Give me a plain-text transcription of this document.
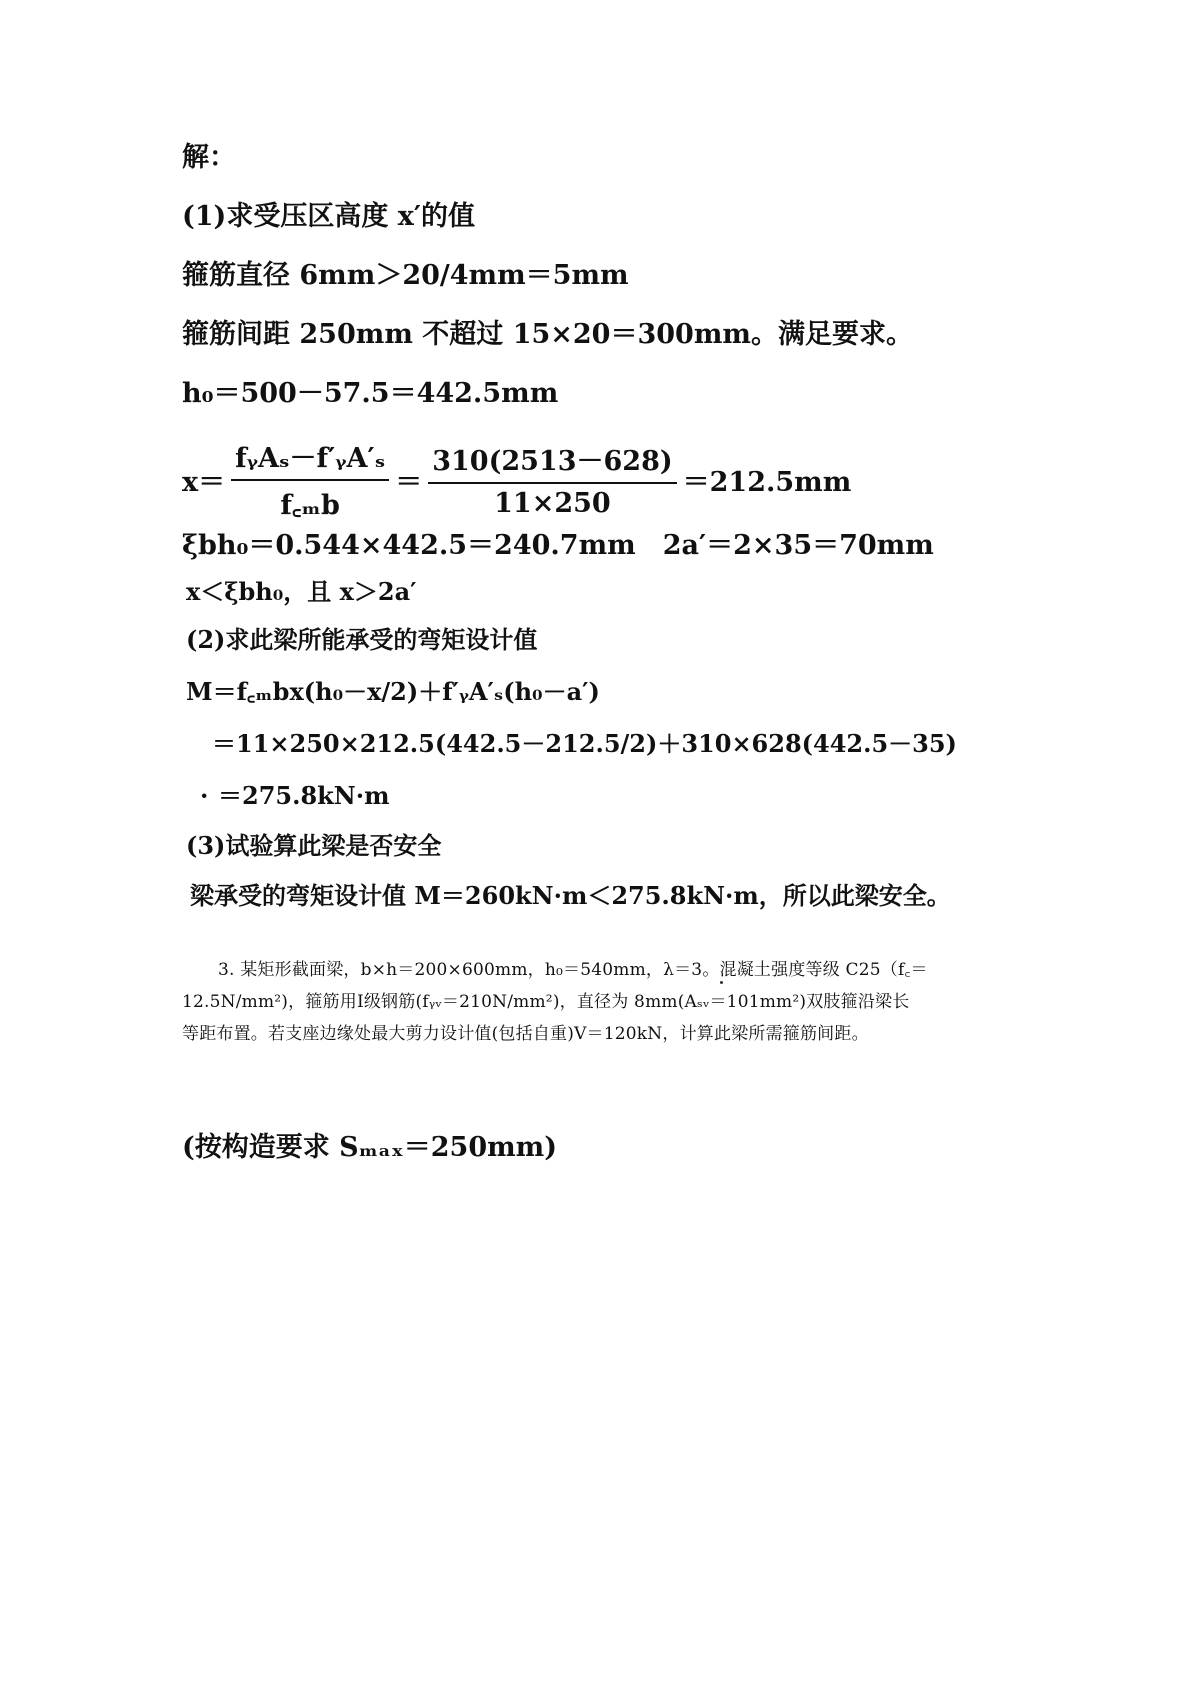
解：
(1)求受压区高度 x′的值
箍筋直径 6mm＞20/4mm＝5mm
箍筋间距 250mm 不超过 15×20＝300mm。满足要求。
h₀＝500－57.5＝442.5mm
$x= \frac{\text{fᵧAₛ－f′ᵧA′ₛ}}{\text{f꜀ₘb}} = \frac{310(2513-628)}{11\times 250} =212.5mm$
ξbh₀＝0.544×442.5＝240.7mm　2a′＝2×35＝70mm
x＜ξbh₀，且 x＞2a′
(2)求此梁所能承受的弯矩设计值
M＝f꜀ₘbx(h₀－x/2)＋f′ᵧA′ₛ(h₀－a′)
＝11×250×212.5(442.5－212.5/2)＋310×628(442.5－35)
· ＝275.8kN·m
(3)试验算此梁是否安全
梁承受的弯矩设计值 M＝260kN·m＜275.8kN·m，所以此梁安全。
3. 某矩形截面梁，b×h＝200×600mm，h₀＝540mm，λ＝3。混凝土强度等级 C25（f꜀＝
12.5N/mm²)，箍筋用Ⅰ级钢筋(fᵧᵥ＝210N/mm²)，直径为 8mm(Aₛᵥ＝101mm²)双肢箍沿梁长
等距布置。若支座边缘处最大剪力设计值(包括自重)V＝120kN，计算此梁所需箍筋间距。
(按构造要求 Sₘₐₓ＝250mm)
